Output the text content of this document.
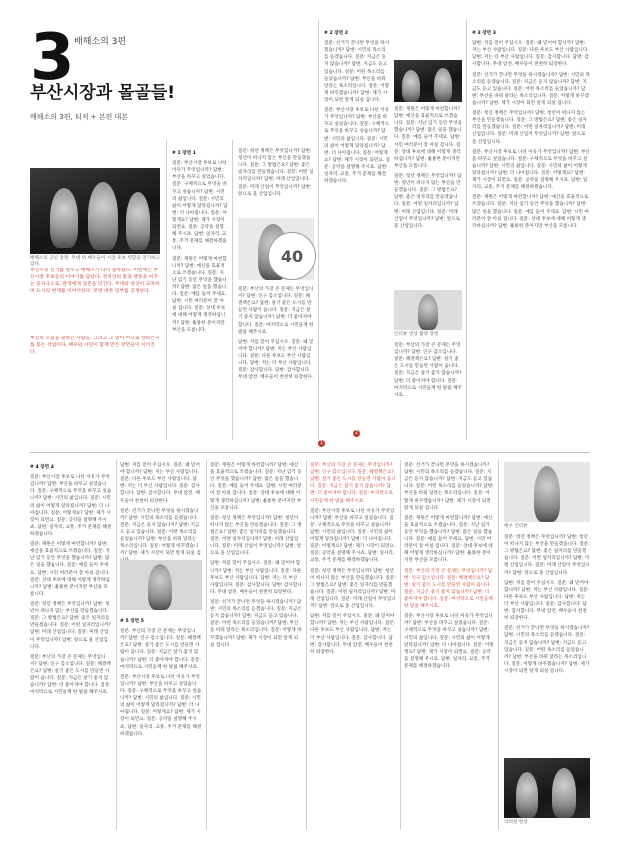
3 배해소의 3편
부산시장과 몰골들!
배해소의 3편, 티저 + 본편 대본
배해소의 공연 장면. 무대 위 배우들이 시장 후보 역할을 연기하고 있다.
부산시장 선거를 앞두고 배해소가 다시 돌아왔다. 이번에는 부산시장 후보들의 이야기를 담았다. 정치인의 말과 행동을 비추는 풍자극으로, 관객에게 질문을 던진다. 무대와 영상이 교차하며 도시의 현재를 이야기한다. 본편 대본 일부를 공개한다.
부산의 오늘을 말하는 사람들, 그리고 그 말이 어디로 향하는지를 묻는 작업이다. 배우와 시민이 함께 만든 장면들이 이어진다.

# 1 장면 1

질문: 부산시장 후보로 나선 이유가 무엇입니까? 답변: 부산을 바꾸고 싶었습니다. 질문: 구체적으로 무엇을 바꾸고 싶습니까? 답변: 시민의 삶입니다. 질문: 시민의 삶이 어떻게 달라집니까? 답변: 더 나아집니다. 질문: 어떻게요? 답변: 제가 시장이 되면요. 질문: 공약을 설명해 주시죠. 답변: 일자리, 교통, 주거 문제를 해결하겠습니다.

질문: 재원은 어떻게 마련합니까? 답변: 예산을 효율적으로 쓰겠습니다. 질문: 지난 임기 동안 무엇을 했습니까? 답변: 많은 일을 했습니다. 질문: 예를 들어 주세요. 답변: 시민 여러분이 잘 아실 겁니다. 질문: 상대 후보에 대해 어떻게 생각하십니까? 답변: 훌륭한 분이지만 부산을 모릅니다.

질문: 청년 정책은 무엇입니까? 답변: 청년이 떠나지 않는 부산을 만들겠습니다. 질문: 그 방법은요? 답변: 좋은 일자리를 만들겠습니다. 질문: 어떤 일자리입니까? 답변: 미래 산업입니다. 질문: 미래 산업이 무엇입니까? 답변: 앞으로 올 산업입니다.

40

질문: 부산의 가장 큰 문제는 무엇입니까? 답변: 인구 감소입니다. 질문: 해결책은요? 답변: 살기 좋은 도시를 만들면 사람이 옵니다. 질문: 지금은 살기 좋지 않습니까? 답변: 더 좋아져야 합니다. 질문: 마지막으로 시민들께 한 말씀 해주시죠.

답변: 저를 믿어 주십시오. 질문: 왜 믿어야 합니까? 답변: 저는 부산 사람입니다. 질문: 다른 후보도 부산 사람입니다. 답변: 저는 더 부산 사람입니다. 질문: 감사합니다. 답변: 감사합니다. 무대 암전. 배우들이 천천히 퇴장한다.

# 2 장면 2

질문: 선거가 끝나면 무엇을 하시겠습니까? 답변: 시민의 목소리를 듣겠습니다. 질문: 지금은 듣지 않습니까? 답변: 지금도 듣고 있습니다. 질문: 어떤 목소리를 들었습니까? 답변: 부산을 바꿔 달라는 목소리입니다. 질문: 어떻게 바꾸겠습니까? 답변: 제가 시장이 되면 알게 되실 겁니다.

질문: 부산시장 후보로 나선 이유가 무엇입니까? 답변: 부산을 바꾸고 싶었습니다. 질문: 구체적으로 무엇을 바꾸고 싶습니까? 답변: 시민의 삶입니다. 질문: 시민의 삶이 어떻게 달라집니까? 답변: 더 나아집니다. 질문: 어떻게요? 답변: 제가 시장이 되면요. 질문: 공약을 설명해 주시죠. 답변: 일자리, 교통, 주거 문제를 해결하겠습니다.

질문: 재원은 어떻게 마련합니까? 답변: 예산을 효율적으로 쓰겠습니다. 질문: 지난 임기 동안 무엇을 했습니까? 답변: 많은 일을 했습니다. 질문: 예를 들어 주세요. 답변: 시민 여러분이 잘 아실 겁니다. 질문: 상대 후보에 대해 어떻게 생각하십니까? 답변: 훌륭한 분이지만 부산을 모릅니다.

질문: 청년 정책은 무엇입니까? 답변: 청년이 떠나지 않는 부산을 만들겠습니다. 질문: 그 방법은요? 답변: 좋은 일자리를 만들겠습니다. 질문: 어떤 일자리입니까? 답변: 미래 산업입니다. 질문: 미래 산업이 무엇입니까? 답변: 앞으로 올 산업입니다.

인터뷰 영상 촬영 장면

질문: 부산의 가장 큰 문제는 무엇입니까? 답변: 인구 감소입니다. 질문: 해결책은요? 답변: 살기 좋은 도시를 만들면 사람이 옵니다. 질문: 지금은 살기 좋지 않습니까? 답변: 더 좋아져야 합니다. 질문: 마지막으로 시민들께 한 말씀 해주시죠.

# 3 장면 3

답변: 저를 믿어 주십시오. 질문: 왜 믿어야 합니까? 답변: 저는 부산 사람입니다. 질문: 다른 후보도 부산 사람입니다. 답변: 저는 더 부산 사람입니다. 질문: 감사합니다. 답변: 감사합니다. 무대 암전. 배우들이 천천히 퇴장한다.

질문: 선거가 끝나면 무엇을 하시겠습니까? 답변: 시민의 목소리를 듣겠습니다. 질문: 지금은 듣지 않습니까? 답변: 지금도 듣고 있습니다. 질문: 어떤 목소리를 들었습니까? 답변: 부산을 바꿔 달라는 목소리입니다. 질문: 어떻게 바꾸겠습니까? 답변: 제가 시장이 되면 알게 되실 겁니다.

질문: 청년 정책은 무엇입니까? 답변: 청년이 떠나지 않는 부산을 만들겠습니다. 질문: 그 방법은요? 답변: 좋은 일자리를 만들겠습니다. 질문: 어떤 일자리입니까? 답변: 미래 산업입니다. 질문: 미래 산업이 무엇입니까? 답변: 앞으로 올 산업입니다.

질문: 부산시장 후보로 나선 이유가 무엇입니까? 답변: 부산을 바꾸고 싶었습니다. 질문: 구체적으로 무엇을 바꾸고 싶습니까? 답변: 시민의 삶입니다. 질문: 시민의 삶이 어떻게 달라집니까? 답변: 더 나아집니다. 질문: 어떻게요? 답변: 제가 시장이 되면요. 질문: 공약을 설명해 주시죠. 답변: 일자리, 교통, 주거 문제를 해결하겠습니다.

질문: 재원은 어떻게 마련합니까? 답변: 예산을 효율적으로 쓰겠습니다. 질문: 지난 임기 동안 무엇을 했습니까? 답변: 많은 일을 했습니다. 질문: 예를 들어 주세요. 답변: 시민 여러분이 잘 아실 겁니다. 질문: 상대 후보에 대해 어떻게 생각하십니까? 답변: 훌륭한 분이지만 부산을 모릅니다.

1
2

# 4 장면 4

질문: 부산시장 후보로 나선 이유가 무엇입니까? 답변: 부산을 바꾸고 싶었습니다. 질문: 구체적으로 무엇을 바꾸고 싶습니까? 답변: 시민의 삶입니다. 질문: 시민의 삶이 어떻게 달라집니까? 답변: 더 나아집니다. 질문: 어떻게요? 답변: 제가 시장이 되면요. 질문: 공약을 설명해 주시죠. 답변: 일자리, 교통, 주거 문제를 해결하겠습니다.

질문: 재원은 어떻게 마련합니까? 답변: 예산을 효율적으로 쓰겠습니다. 질문: 지난 임기 동안 무엇을 했습니까? 답변: 많은 일을 했습니다. 질문: 예를 들어 주세요. 답변: 시민 여러분이 잘 아실 겁니다. 질문: 상대 후보에 대해 어떻게 생각하십니까? 답변: 훌륭한 분이지만 부산을 모릅니다.

질문: 청년 정책은 무엇입니까? 답변: 청년이 떠나지 않는 부산을 만들겠습니다. 질문: 그 방법은요? 답변: 좋은 일자리를 만들겠습니다. 질문: 어떤 일자리입니까? 답변: 미래 산업입니다. 질문: 미래 산업이 무엇입니까? 답변: 앞으로 올 산업입니다.

질문: 부산의 가장 큰 문제는 무엇입니까? 답변: 인구 감소입니다. 질문: 해결책은요? 답변: 살기 좋은 도시를 만들면 사람이 옵니다. 질문: 지금은 살기 좋지 않습니까? 답변: 더 좋아져야 합니다. 질문: 마지막으로 시민들께 한 말씀 해주시죠.

답변: 저를 믿어 주십시오. 질문: 왜 믿어야 합니까? 답변: 저는 부산 사람입니다. 질문: 다른 후보도 부산 사람입니다. 답변: 저는 더 부산 사람입니다. 질문: 감사합니다. 답변: 감사합니다. 무대 암전. 배우들이 천천히 퇴장한다.

질문: 선거가 끝나면 무엇을 하시겠습니까? 답변: 시민의 목소리를 듣겠습니다. 질문: 지금은 듣지 않습니까? 답변: 지금도 듣고 있습니다. 질문: 어떤 목소리를 들었습니까? 답변: 부산을 바꿔 달라는 목소리입니다. 질문: 어떻게 바꾸겠습니까? 답변: 제가 시장이 되면 알게 되실 겁

# 5 장면 5

질문: 부산의 가장 큰 문제는 무엇입니까? 답변: 인구 감소입니다. 질문: 해결책은요? 답변: 살기 좋은 도시를 만들면 사람이 옵니다. 질문: 지금은 살기 좋지 않습니까? 답변: 더 좋아져야 합니다. 질문: 마지막으로 시민들께 한 말씀 해주시죠.

질문: 부산시장 후보로 나선 이유가 무엇입니까? 답변: 부산을 바꾸고 싶었습니다. 질문: 구체적으로 무엇을 바꾸고 싶습니까? 답변: 시민의 삶입니다. 질문: 시민의 삶이 어떻게 달라집니까? 답변: 더 나아집니다. 질문: 어떻게요? 답변: 제가 시장이 되면요. 질문: 공약을 설명해 주시죠. 답변: 일자리, 교통, 주거 문제를 해결하겠습니다.

질문: 재원은 어떻게 마련합니까? 답변: 예산을 효율적으로 쓰겠습니다. 질문: 지난 임기 동안 무엇을 했습니까? 답변: 많은 일을 했습니다. 질문: 예를 들어 주세요. 답변: 시민 여러분이 잘 아실 겁니다. 질문: 상대 후보에 대해 어떻게 생각하십니까? 답변: 훌륭한 분이지만 부산을 모릅니다.

질문: 청년 정책은 무엇입니까? 답변: 청년이 떠나지 않는 부산을 만들겠습니다. 질문: 그 방법은요? 답변: 좋은 일자리를 만들겠습니다. 질문: 어떤 일자리입니까? 답변: 미래 산업입니다. 질문: 미래 산업이 무엇입니까? 답변: 앞으로 올 산업입니다.

답변: 저를 믿어 주십시오. 질문: 왜 믿어야 합니까? 답변: 저는 부산 사람입니다. 질문: 다른 후보도 부산 사람입니다. 답변: 저는 더 부산 사람입니다. 질문: 감사합니다. 답변: 감사합니다. 무대 암전. 배우들이 천천히 퇴장한다.

질문: 선거가 끝나면 무엇을 하시겠습니까? 답변: 시민의 목소리를 듣겠습니다. 질문: 지금은 듣지 않습니까? 답변: 지금도 듣고 있습니다. 질문: 어떤 목소리를 들었습니까? 답변: 부산을 바꿔 달라는 목소리입니다. 질문: 어떻게 바꾸겠습니까? 답변: 제가 시장이 되면 알게 되실 겁니다.

질문: 부산의 가장 큰 문제는 무엇입니까? 답변: 인구 감소입니다. 질문: 해결책은요? 답변: 살기 좋은 도시를 만들면 사람이 옵니다. 질문: 지금은 살기 좋지 않습니까? 답변: 더 좋아져야 합니다. 질문: 마지막으로 시민들께 한 말씀 해주시죠.

질문: 부산시장 후보로 나선 이유가 무엇입니까? 답변: 부산을 바꾸고 싶었습니다. 질문: 구체적으로 무엇을 바꾸고 싶습니까? 답변: 시민의 삶입니다. 질문: 시민의 삶이 어떻게 달라집니까? 답변: 더 나아집니다. 질문: 어떻게요? 답변: 제가 시장이 되면요. 질문: 공약을 설명해 주시죠. 답변: 일자리, 교통, 주거 문제를 해결하겠습니다.

질문: 청년 정책은 무엇입니까? 답변: 청년이 떠나지 않는 부산을 만들겠습니다. 질문: 그 방법은요? 답변: 좋은 일자리를 만들겠습니다. 질문: 어떤 일자리입니까? 답변: 미래 산업입니다. 질문: 미래 산업이 무엇입니까? 답변: 앞으로 올 산업입니다.

답변: 저를 믿어 주십시오. 질문: 왜 믿어야 합니까? 답변: 저는 부산 사람입니다. 질문: 다른 후보도 부산 사람입니다. 답변: 저는 더 부산 사람입니다. 질문: 감사합니다. 답변: 감사합니다. 무대 암전. 배우들이 천천히 퇴장한다.

질문: 선거가 끝나면 무엇을 하시겠습니까? 답변: 시민의 목소리를 듣겠습니다. 질문: 지금은 듣지 않습니까? 답변: 지금도 듣고 있습니다. 질문: 어떤 목소리를 들었습니까? 답변: 부산을 바꿔 달라는 목소리입니다. 질문: 어떻게 바꾸겠습니까? 답변: 제가 시장이 되면 알게 되실 겁니다.

질문: 재원은 어떻게 마련합니까? 답변: 예산을 효율적으로 쓰겠습니다. 질문: 지난 임기 동안 무엇을 했습니까? 답변: 많은 일을 했습니다. 질문: 예를 들어 주세요. 답변: 시민 여러분이 잘 아실 겁니다. 질문: 상대 후보에 대해 어떻게 생각하십니까? 답변: 훌륭한 분이지만 부산을 모릅니다.

질문: 부산의 가장 큰 문제는 무엇입니까? 답변: 인구 감소입니다. 질문: 해결책은요? 답변: 살기 좋은 도시를 만들면 사람이 옵니다. 질문: 지금은 살기 좋지 않습니까? 답변: 더 좋아져야 합니다. 질문: 마지막으로 시민들께 한 말씀 해주시죠.

질문: 부산시장 후보로 나선 이유가 무엇입니까? 답변: 부산을 바꾸고 싶었습니다. 질문: 구체적으로 무엇을 바꾸고 싶습니까? 답변: 시민의 삶입니다. 질문: 시민의 삶이 어떻게 달라집니까? 답변: 더 나아집니다. 질문: 어떻게요? 답변: 제가 시장이 되면요. 질문: 공약을 설명해 주시죠. 답변: 일자리, 교통, 주거 문제를 해결하겠습니다.

배우 인터뷰

질문: 청년 정책은 무엇입니까? 답변: 청년이 떠나지 않는 부산을 만들겠습니다. 질문: 그 방법은요? 답변: 좋은 일자리를 만들겠습니다. 질문: 어떤 일자리입니까? 답변: 미래 산업입니다. 질문: 미래 산업이 무엇입니까? 답변: 앞으로 올 산업입니다.

답변: 저를 믿어 주십시오. 질문: 왜 믿어야 합니까? 답변: 저는 부산 사람입니다. 질문: 다른 후보도 부산 사람입니다. 답변: 저는 더 부산 사람입니다. 질문: 감사합니다. 답변: 감사합니다. 무대 암전. 배우들이 천천히 퇴장한다.

질문: 선거가 끝나면 무엇을 하시겠습니까? 답변: 시민의 목소리를 듣겠습니다. 질문: 지금은 듣지 않습니까? 답변: 지금도 듣고 있습니다. 질문: 어떤 목소리를 들었습니까? 답변: 부산을 바꿔 달라는 목소리입니다. 질문: 어떻게 바꾸겠습니까? 답변: 제가 시장이 되면 알게 되실 겁니다.

리허설 현장
